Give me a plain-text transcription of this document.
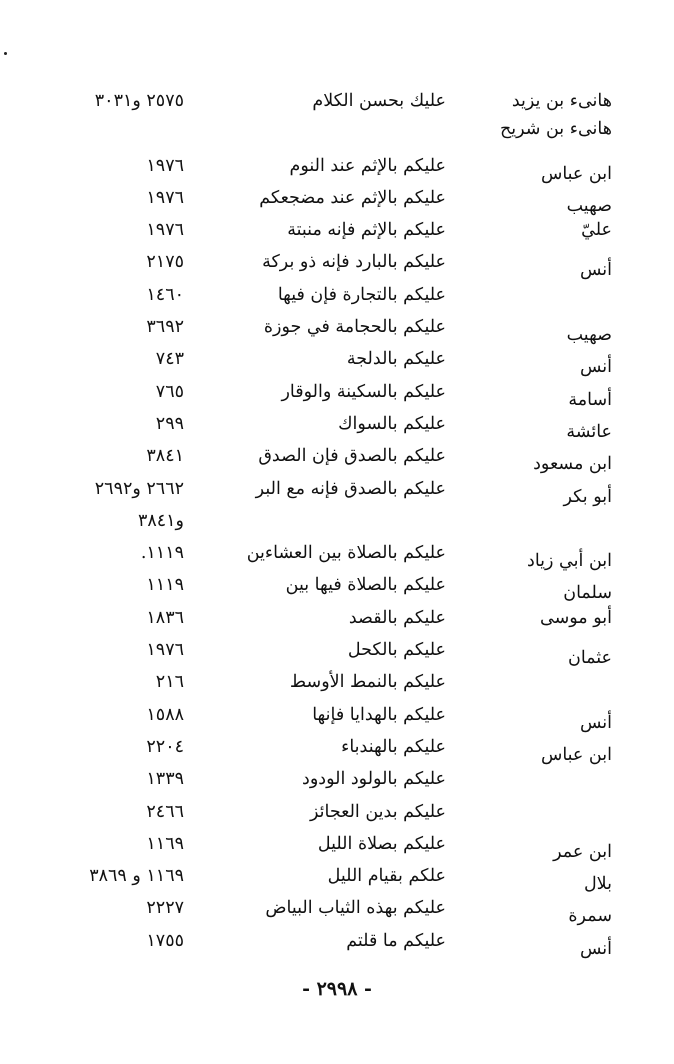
هانىء بن يزيد
عليك بحسن الكلام
٢٥٧٥ و٣٠٣١
هانىء بن شريح
ابن عباس
عليكم بالإثم عند النوم
١٩٧٦
صهيب
عليكم بالإثم عند مضجعكم
١٩٧٦
عليّ
عليكم بالإثم فإنه منبتة
١٩٧٦
أنس
عليكم بالبارد فإنه ذو بركة
٢١٧٥
عليكم بالتجارة فإن فيها
١٤٦٠
صهيب
عليكم بالحجامة في جوزة
٣٦٩٢
أنس
عليكم بالدلجة
٧٤٣
أسامة
عليكم بالسكينة والوقار
٧٦٥
عائشة
عليكم بالسواك
٢٩٩
ابن مسعود
عليكم بالصدق فإن الصدق
٣٨٤١
أبو بكر
عليكم بالصدق فإنه مع البر
٢٦٦٢ و٢٦٩٢
و٣٨٤١
ابن أبي زياد
عليكم بالصلاة بين العشاءين
١١١٩.
سلمان
عليكم بالصلاة فيها بين
١١١٩
أبو موسى
عليكم بالقصد
١٨٣٦
عثمان
عليكم بالكحل
١٩٧٦
عليكم بالنمط الأوسط
٢١٦
أنس
عليكم بالهدايا فإنها
١٥٨٨
ابن عباس
عليكم بالهندباء
٢٢٠٤
عليكم بالولود الودود
١٣٣٩
عليكم بدين العجائز
٢٤٦٦
ابن عمر
عليكم بصلاة الليل
١١٦٩
بلال
علكم بقيام الليل
١١٦٩ و ٣٨٦٩
سمرة
عليكم بهذه الثياب البياض
٢٢٢٧
أنس
عليكم ما قلتم
١٧٥٥
- ٢٩٩٨ -
